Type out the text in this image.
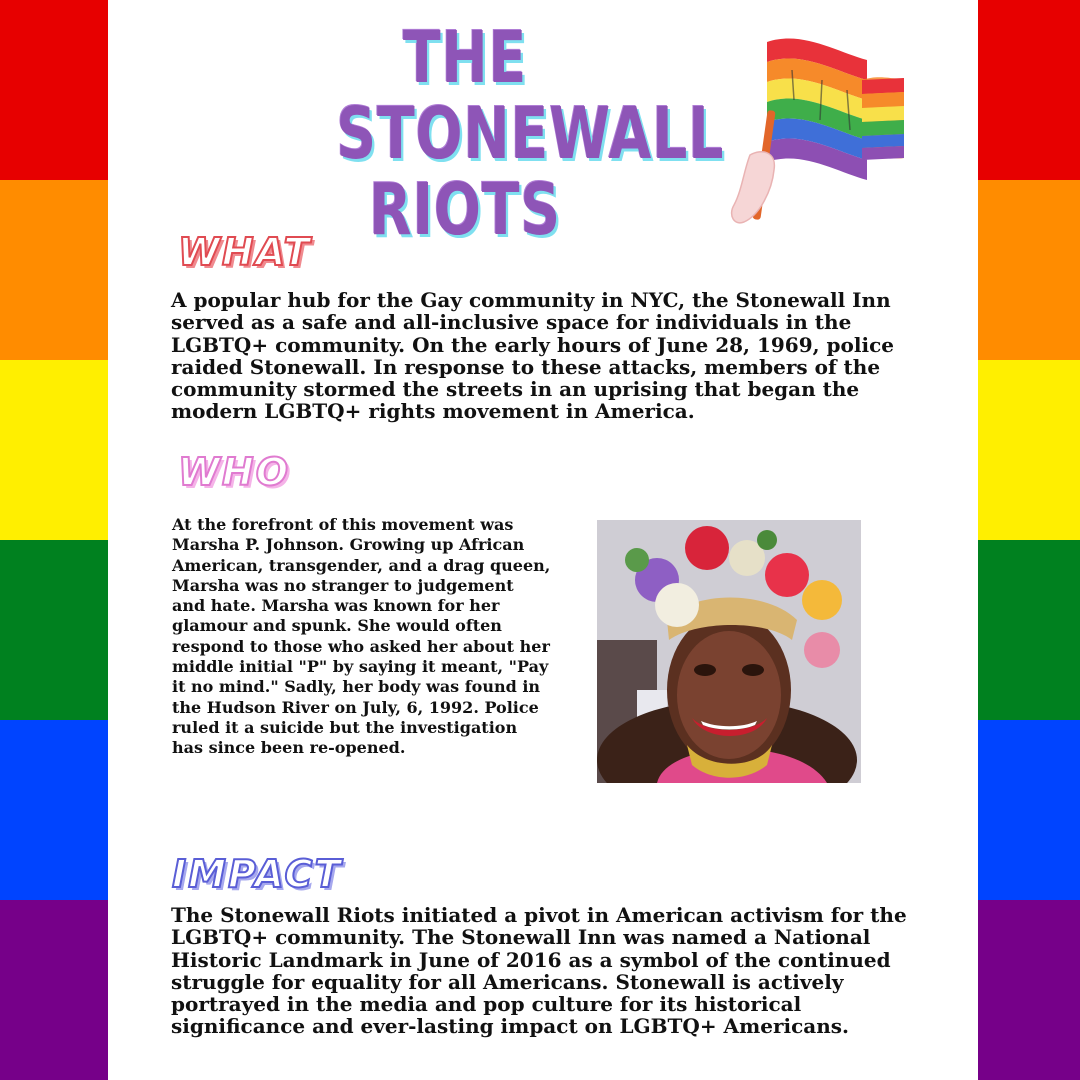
THE
STONEWALL
RIOTS
WHAT

A popular hub for the Gay community in NYC, the Stonewall Inn served as a safe and all-inclusive space for individuals in the LGBTQ+ community. On the early hours of June 28, 1969, police raided Stonewall. In response to these attacks, members of the community stormed the streets in an uprising that began the modern LGBTQ+ rights movement in America.

WHO

At the forefront of this movement was Marsha P. Johnson. Growing up African American, transgender, and a drag queen, Marsha was no stranger to judgement and hate. Marsha was known for her glamour and spunk. She would often respond to those who asked her about her middle initial "P" by saying it meant, "Pay it no mind." Sadly, her body was found in the Hudson River on July, 6, 1992. Police ruled it a suicide but the investigation has since been re-opened.

IMPACT

The Stonewall Riots initiated a pivot in American activism for the LGBTQ+ community. The Stonewall Inn was named a National Historic Landmark in June of 2016 as a symbol of the continued struggle for equality for all Americans. Stonewall is actively portrayed in the media and pop culture for its historical significance and ever-lasting impact on LGBTQ+ Americans.
